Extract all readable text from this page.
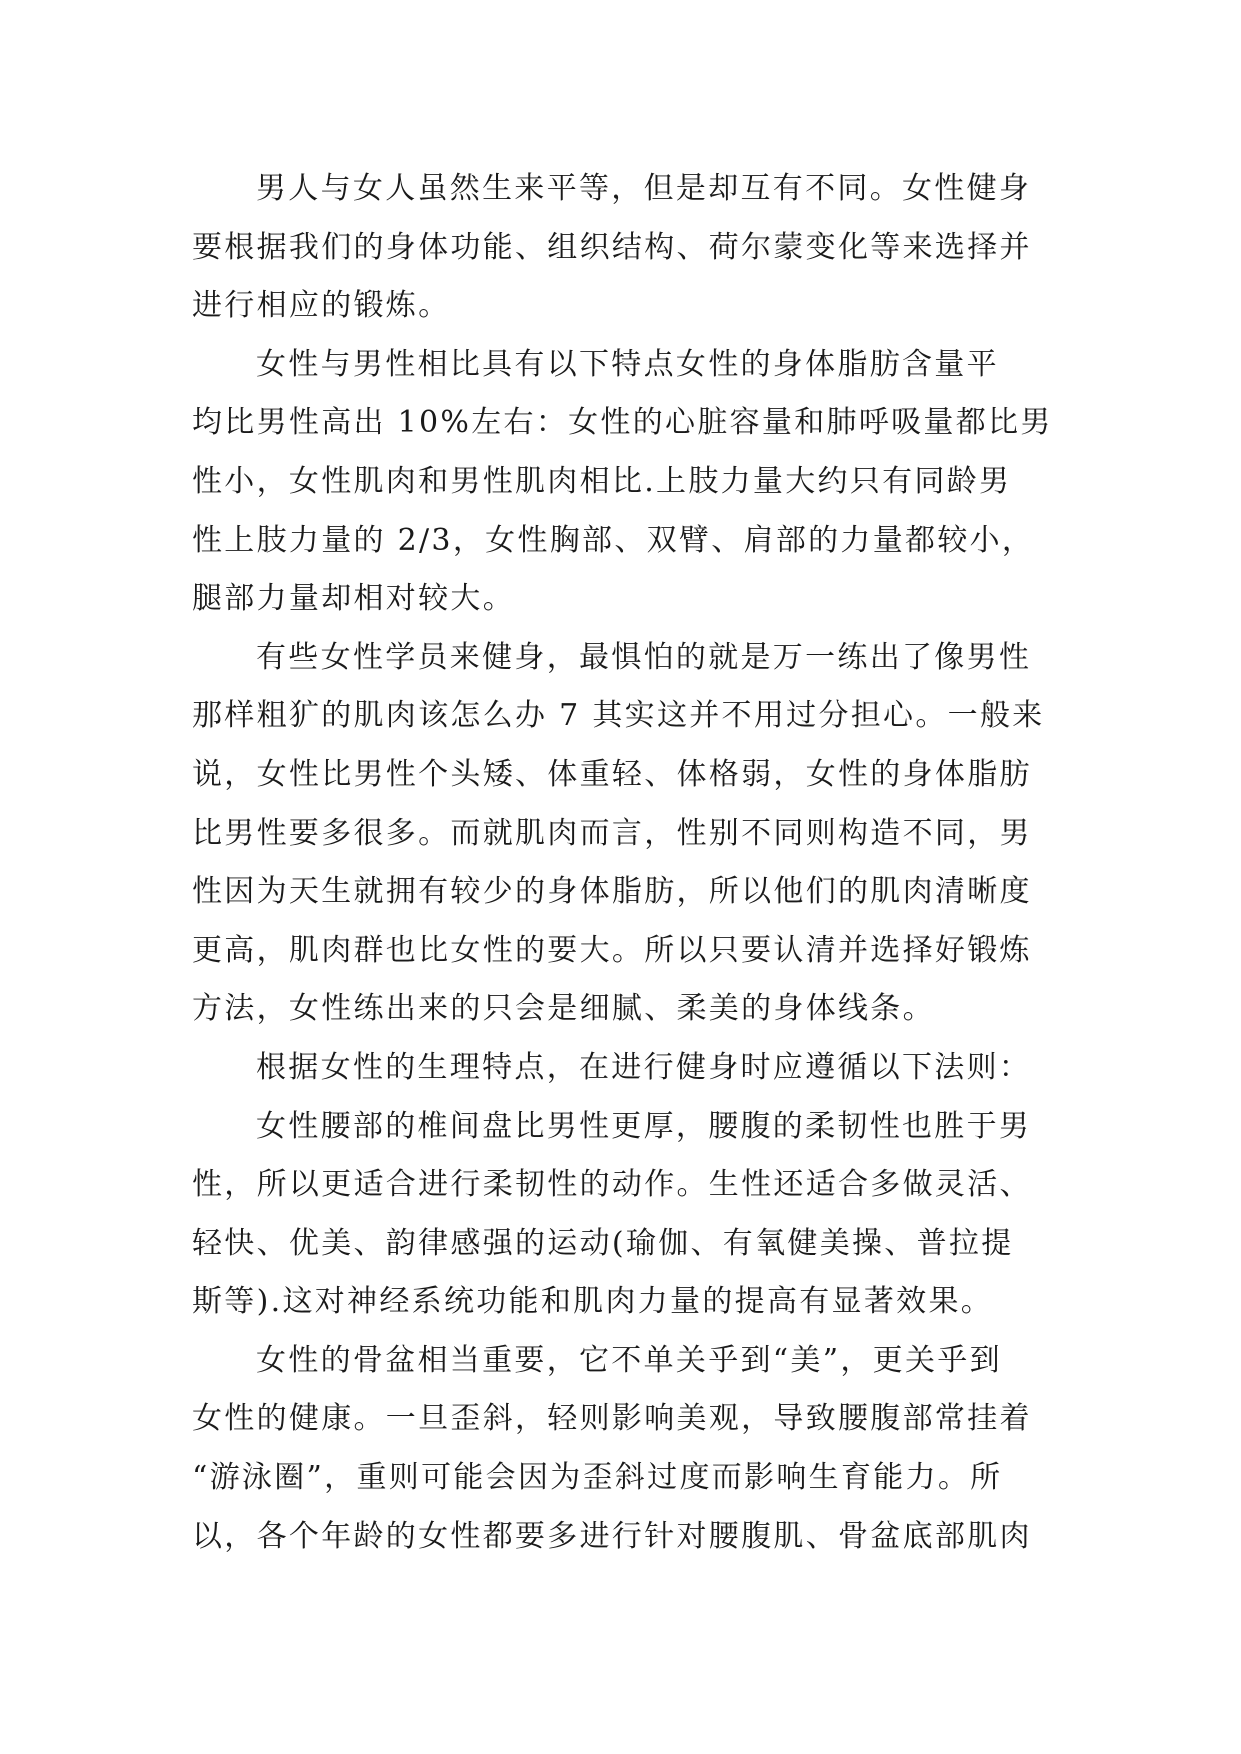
男人与女人虽然生来平等，但是却互有不同。女性健身
要根据我们的身体功能、组织结构、荷尔蒙变化等来选择并
进行相应的锻炼。
女性与男性相比具有以下特点女性的身体脂肪含量平
均比男性高出 10%左右：女性的心脏容量和肺呼吸量都比男
性小，女性肌肉和男性肌肉相比.上肢力量大约只有同龄男
性上肢力量的 2/3，女性胸部、双臂、肩部的力量都较小，
腿部力量却相对较大。
有些女性学员来健身，最惧怕的就是万一练出了像男性
那样粗犷的肌肉该怎么办 7 其实这并不用过分担心。一般来
说，女性比男性个头矮、体重轻、体格弱，女性的身体脂肪
比男性要多很多。而就肌肉而言，性别不同则构造不同，男
性因为天生就拥有较少的身体脂肪，所以他们的肌肉清晰度
更高，肌肉群也比女性的要大。所以只要认清并选择好锻炼
方法，女性练出来的只会是细腻、柔美的身体线条。
根据女性的生理特点，在进行健身时应遵循以下法则：
女性腰部的椎间盘比男性更厚，腰腹的柔韧性也胜于男
性，所以更适合进行柔韧性的动作。生性还适合多做灵活、
轻快、优美、韵律感强的运动(瑜伽、有氧健美操、普拉提
斯等).这对神经系统功能和肌肉力量的提高有显著效果。
女性的骨盆相当重要，它不单关乎到“美”，更关乎到
女性的健康。一旦歪斜，轻则影响美观，导致腰腹部常挂着
“游泳圈”，重则可能会因为歪斜过度而影响生育能力。所
以，各个年龄的女性都要多进行针对腰腹肌、骨盆底部肌肉
